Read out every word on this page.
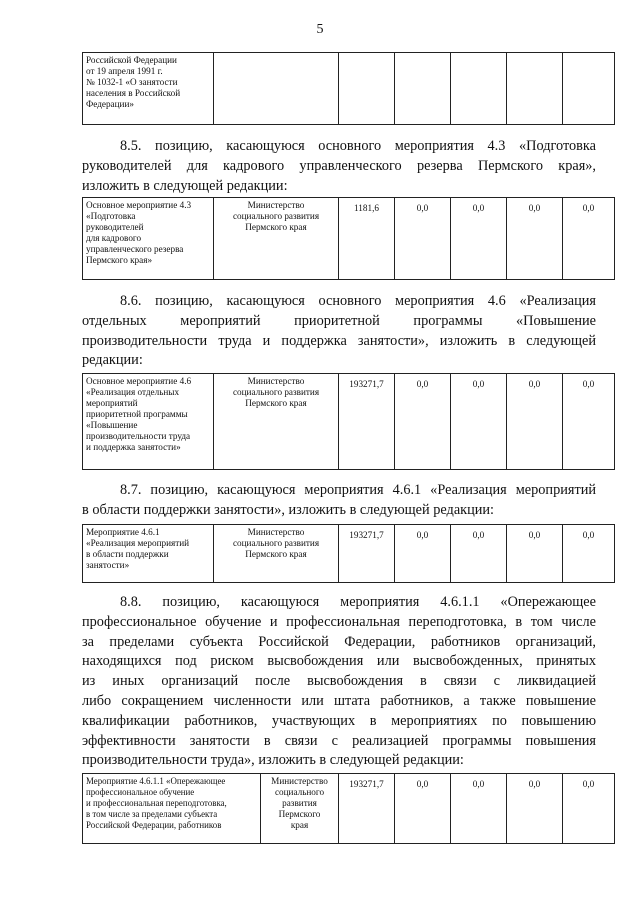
5
Российской Федерации
от 19 апреля 1991 г.
№ 1032-1 «О занятости
населения в Российской
Федерации»

8.5. позицию, касающуюся основного мероприятия 4.3 «Подготовка
руководителей для кадрового управленческого резерва Пермского края»,
изложить в следующей редакции:
Основное мероприятие 4.3
«Подготовка
руководителей
для кадрового
управленческого резерва
Пермского края»

Министерство
социального развития
Пермского края
	1181,6	0,0	0,0	0,0	0,0
8.6. позицию, касающуюся основного мероприятия 4.6 «Реализация
отдельных мероприятий приоритетной программы «Повышение
производительности труда и поддержка занятости», изложить в следующей
редакции:
Основное мероприятие 4.6
«Реализация отдельных
мероприятий
приоритетной программы
«Повышение
производительности труда
и поддержка занятости»

Министерство
социального развития
Пермского края
	193271,7	0,0	0,0	0,0	0,0
8.7. позицию, касающуюся мероприятия 4.6.1 «Реализация мероприятий
в области поддержки занятости», изложить в следующей редакции:
Мероприятие 4.6.1
«Реализация мероприятий
в области поддержки
занятости»

Министерство
социального развития
Пермского края
	193271,7	0,0	0,0	0,0	0,0
8.8. позицию, касающуюся мероприятия 4.6.1.1 «Опережающее
профессиональное обучение и профессиональная переподготовка, в том числе
за пределами субъекта Российской Федерации, работников организаций,
находящихся под риском высвобождения или высвобожденных, принятых
из иных организаций после высвобождения в связи с ликвидацией
либо сокращением численности или штата работников, а также повышение
квалификации работников, участвующих в мероприятиях по повышению
эффективности занятости в связи с реализацией программы повышения
производительности труда», изложить в следующей редакции:
Мероприятие 4.6.1.1 «Опережающее
профессиональное обучение
и профессиональная переподготовка,
в том числе за пределами субъекта
Российской Федерации, работников

Министерство
социального
развития
Пермского
края
	193271,7	0,0	0,0	0,0	0,0
